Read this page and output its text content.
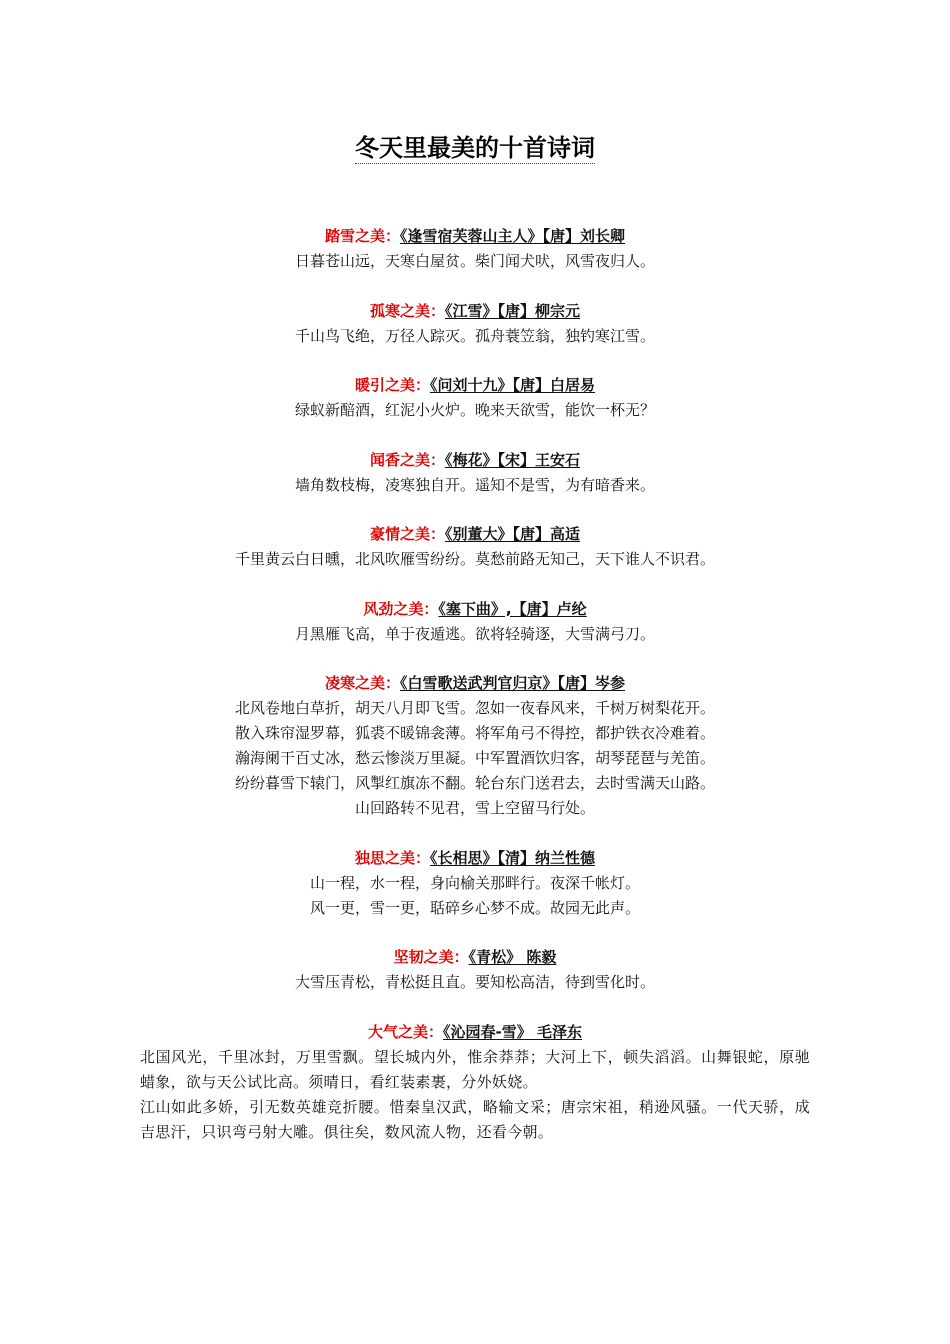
冬天里最美的十首诗词
踏雪之美：《逢雪宿芙蓉山主人》【唐】刘长卿
日暮苍山远，天寒白屋贫。柴门闻犬吠，风雪夜归人。
孤寒之美：《江雪》【唐】柳宗元
千山鸟飞绝，万径人踪灭。孤舟蓑笠翁，独钓寒江雪。
暖引之美：《问刘十九》【唐】白居易
绿蚁新醅酒，红泥小火炉。晚来天欲雪，能饮一杯无？
闻香之美：《梅花》【宋】王安石
墙角数枝梅，凌寒独自开。遥知不是雪，为有暗香来。
豪情之美：《别董大》【唐】高适
千里黄云白日曛，北风吹雁雪纷纷。莫愁前路无知己，天下谁人不识君。
风劲之美：《塞下曲》,【唐】卢纶
月黑雁飞高，单于夜遁逃。欲将轻骑逐，大雪满弓刀。
凌寒之美：《白雪歌送武判官归京》【唐】岑参
北风卷地白草折，胡天八月即飞雪。忽如一夜春风来，千树万树梨花开。
散入珠帘湿罗幕，狐裘不暖锦衾薄。将军角弓不得控，都护铁衣冷难着。
瀚海阑干百丈冰，愁云惨淡万里凝。中军置酒饮归客，胡琴琵琶与羌笛。
纷纷暮雪下辕门，风掣红旗冻不翻。轮台东门送君去，去时雪满天山路。
山回路转不见君，雪上空留马行处。
独思之美：《长相思》【清】纳兰性德
山一程，水一程，身向榆关那畔行。夜深千帐灯。
风一更，雪一更，聒碎乡心梦不成。故园无此声。
坚韧之美：《青松》 陈毅
大雪压青松，青松挺且直。要知松高洁，待到雪化时。
大气之美：《沁园春-雪》 毛泽东
北国风光，千里冰封，万里雪飘。望长城内外，惟余莽莽；大河上下，顿失滔滔。山舞银蛇，原驰蜡象，欲与天公试比高。须晴日，看红装素裹，分外妖娆。
江山如此多娇，引无数英雄竞折腰。惜秦皇汉武，略输文采；唐宗宋祖，稍逊风骚。一代天骄，成吉思汗，只识弯弓射大雕。俱往矣，数风流人物，还看今朝。
